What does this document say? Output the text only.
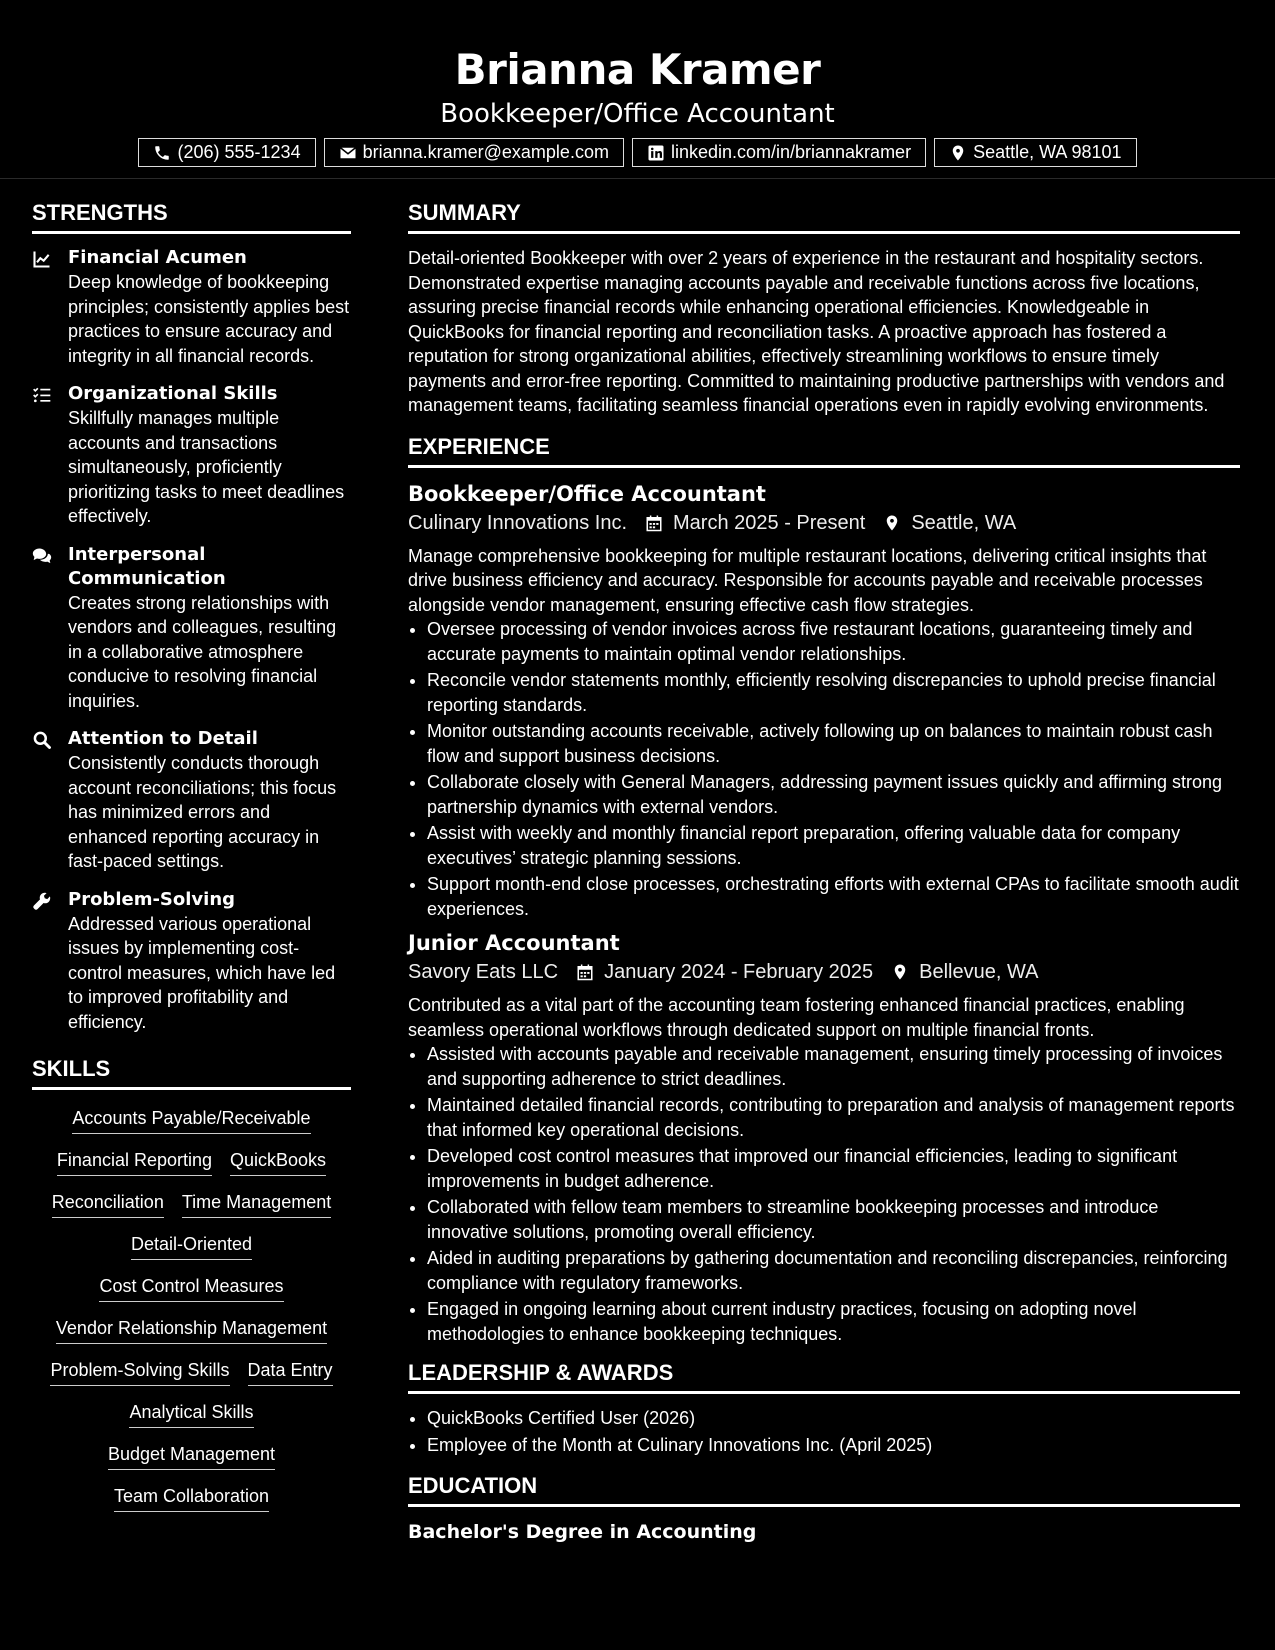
Brianna Kramer
Bookkeeper/Office Accountant
(206) 555-1234	brianna.kramer@example.com	linkedin.com/in/briannakramer	Seattle, WA 98101
STRENGTHS
Financial Acumen
Deep knowledge of bookkeeping principles; consistently applies best practices to ensure accuracy and integrity in all financial records.
Organizational Skills
Skillfully manages multiple accounts and transactions simultaneously, proficiently prioritizing tasks to meet deadlines effectively.
Interpersonal Communication
Creates strong relationships with vendors and colleagues, resulting in a collaborative atmosphere conducive to resolving financial inquiries.
Attention to Detail
Consistently conducts thorough account reconciliations; this focus has minimized errors and enhanced reporting accuracy in fast-paced settings.
Problem-Solving
Addressed various operational issues by implementing cost-control measures, which have led to improved profitability and efficiency.
SKILLS
Accounts Payable/Receivable
Financial Reporting QuickBooks
Reconciliation Time Management
Detail-Oriented
Cost Control Measures
Vendor Relationship Management
Problem-Solving Skills Data Entry
Analytical Skills
Budget Management
Team Collaboration
SUMMARY
Detail-oriented Bookkeeper with over 2 years of experience in the restaurant and hospitality sectors. Demonstrated expertise managing accounts payable and receivable functions across five locations, assuring precise financial records while enhancing operational efficiencies. Knowledgeable in QuickBooks for financial reporting and reconciliation tasks. A proactive approach has fostered a reputation for strong organizational abilities, effectively streamlining workflows to ensure timely payments and error-free reporting. Committed to maintaining productive partnerships with vendors and management teams, facilitating seamless financial operations even in rapidly evolving environments.
EXPERIENCE
Bookkeeper/Office Accountant
Culinary Innovations Inc. March 2025 - Present Seattle, WA
Manage comprehensive bookkeeping for multiple restaurant locations, delivering critical insights that drive business efficiency and accuracy. Responsible for accounts payable and receivable processes alongside vendor management, ensuring effective cash flow strategies.
• Oversee processing of vendor invoices across five restaurant locations, guaranteeing timely and accurate payments to maintain optimal vendor relationships.
• Reconcile vendor statements monthly, efficiently resolving discrepancies to uphold precise financial reporting standards.
• Monitor outstanding accounts receivable, actively following up on balances to maintain robust cash flow and support business decisions.
• Collaborate closely with General Managers, addressing payment issues quickly and affirming strong partnership dynamics with external vendors.
• Assist with weekly and monthly financial report preparation, offering valuable data for company executives’ strategic planning sessions.
• Support month-end close processes, orchestrating efforts with external CPAs to facilitate smooth audit experiences.
Junior Accountant
Savory Eats LLC January 2024 - February 2025 Bellevue, WA
Contributed as a vital part of the accounting team fostering enhanced financial practices, enabling seamless operational workflows through dedicated support on multiple financial fronts.
• Assisted with accounts payable and receivable management, ensuring timely processing of invoices and supporting adherence to strict deadlines.
• Maintained detailed financial records, contributing to preparation and analysis of management reports that informed key operational decisions.
• Developed cost control measures that improved our financial efficiencies, leading to significant improvements in budget adherence.
• Collaborated with fellow team members to streamline bookkeeping processes and introduce innovative solutions, promoting overall efficiency.
• Aided in auditing preparations by gathering documentation and reconciling discrepancies, reinforcing compliance with regulatory frameworks.
• Engaged in ongoing learning about current industry practices, focusing on adopting novel methodologies to enhance bookkeeping techniques.
LEADERSHIP & AWARDS
• QuickBooks Certified User (2026)
• Employee of the Month at Culinary Innovations Inc. (April 2025)
EDUCATION
Bachelor's Degree in Accounting
